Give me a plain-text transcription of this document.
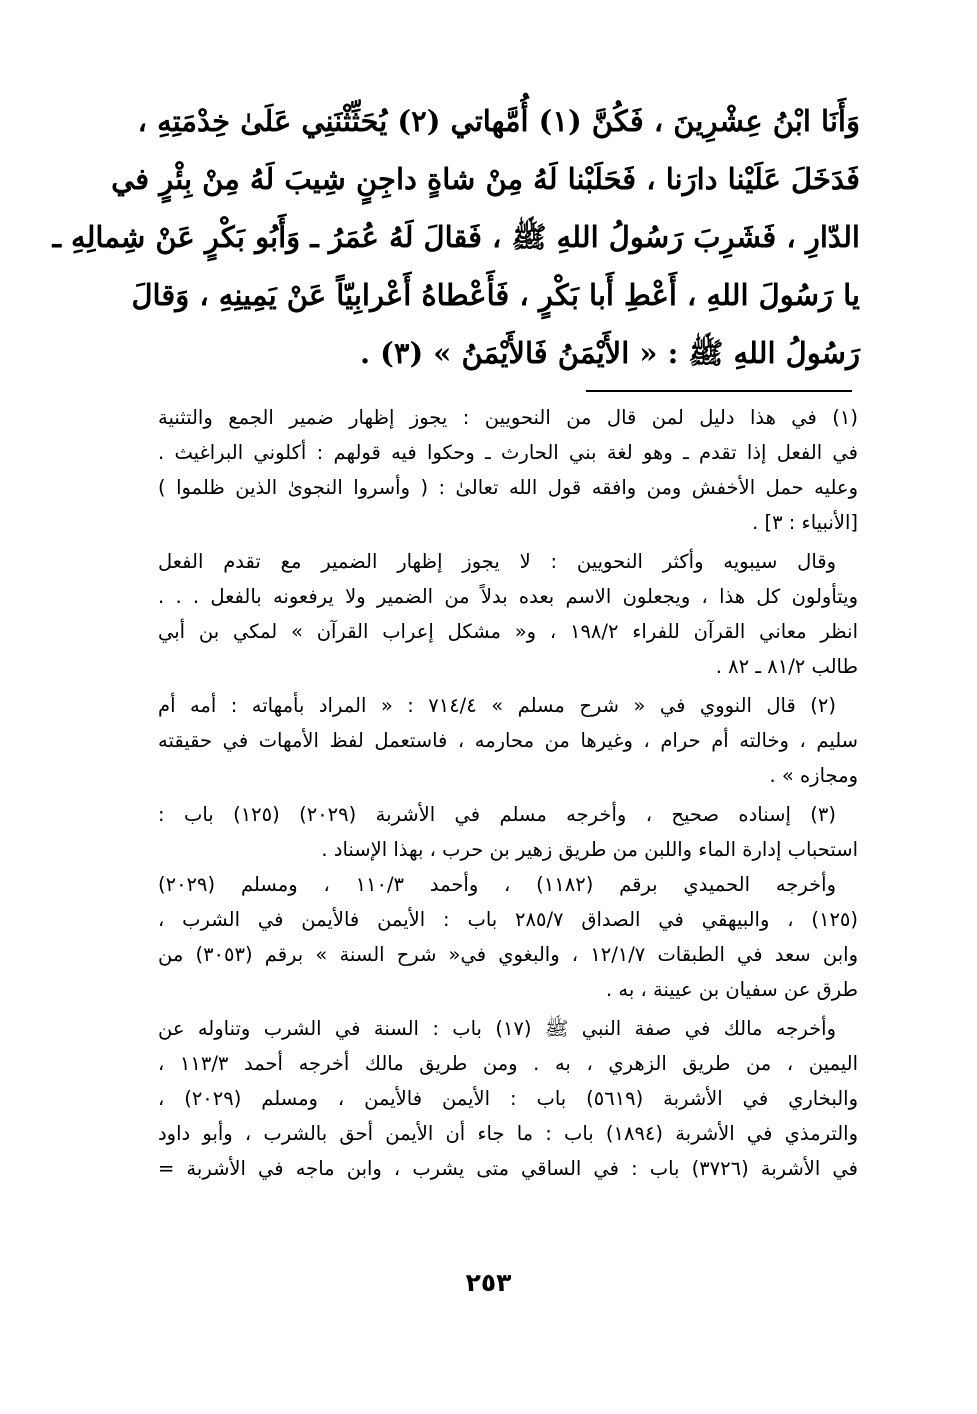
وَأَنَا ابْنُ عِشْرِينَ ، فَكُنَّ (١) أُمَّهاتي (٢) يُحَثِّثْنَنِي عَلَىٰ خِدْمَتِهِ ،
فَدَخَلَ عَلَيْنا دارَنا ، فَحَلَبْنا لَهُ مِنْ شاةٍ داجِنٍ شِيبَ لَهُ مِنْ بِئْرٍ في
الدّارِ ، فَشَرِبَ رَسُولُ اللهِ ﷺ ، فَقالَ لَهُ عُمَرُ ـ وَأَبُو بَكْرٍ عَنْ شِمالِهِ ـ
يا رَسُولَ اللهِ ، أَعْطِ أَبا بَكْرٍ ، فَأَعْطاهُ أَعْرابِيّاً عَنْ يَمِينِهِ ، وَقالَ
رَسُولُ اللهِ ﷺ : « الأَيْمَنُ فَالأَيْمَنُ » (٣) .
(١) في هذا دليل لمن قال من النحويين : يجوز إظهار ضمير الجمع والتثنية
في الفعل إذا تقدم ـ وهو لغة بني الحارث ـ وحكوا فيه قولهم : أكلوني البراغيث .
وعليه حمل الأخفش ومن وافقه قول الله تعالىٰ : ( وأسروا النجوىٰ الذين ظلموا )
[الأنبياء : ٣] .
وقال سيبويه وأكثر النحويين : لا يجوز إظهار الضمير مع تقدم الفعل
ويتأولون كل هذا ، ويجعلون الاسم بعده بدلاً من الضمير ولا يرفعونه بالفعل . . .
انظر معاني القرآن للفراء ١٩٨/٢ ، و« مشكل إعراب القرآن » لمكي بن أبي
طالب ٨١/٢ ـ ٨٢ .
(٢) قال النووي في « شرح مسلم » ٧١٤/٤ : « المراد بأمهاته : أمه أم
سليم ، وخالته أم حرام ، وغيرها من محارمه ، فاستعمل لفظ الأمهات في حقيقته
ومجازه » .
(٣) إسناده صحيح ، وأخرجه مسلم في الأشربة (٢٠٢٩) (١٢٥) باب :
استحباب إدارة الماء واللبن من طريق زهير بن حرب ، بهذا الإسناد .
وأخرجه الحميدي برقم (١١٨٢) ، وأحمد ١١٠/٣ ، ومسلم (٢٠٢٩)
(١٢٥) ، والبيهقي في الصداق ٢٨٥/٧ باب : الأيمن فالأيمن في الشرب ،
وابن سعد في الطبقات ١٢/١/٧ ، والبغوي في« شرح السنة » برقم (٣٠٥٣) من
طرق عن سفيان بن عيينة ، به .
وأخرجه مالك في صفة النبي ﷺ (١٧) باب : السنة في الشرب وتناوله عن
اليمين ، من طريق الزهري ، به . ومن طريق مالك أخرجه أحمد ١١٣/٣ ،
والبخاري في الأشربة (٥٦١٩) باب : الأيمن فالأيمن ، ومسلم (٢٠٢٩) ،
والترمذي في الأشربة (١٨٩٤) باب : ما جاء أن الأيمن أحق بالشرب ، وأبو داود
في الأشربة (٣٧٢٦) باب : في الساقي متى يشرب ، وابن ماجه في الأشربة =
٢٥٣
